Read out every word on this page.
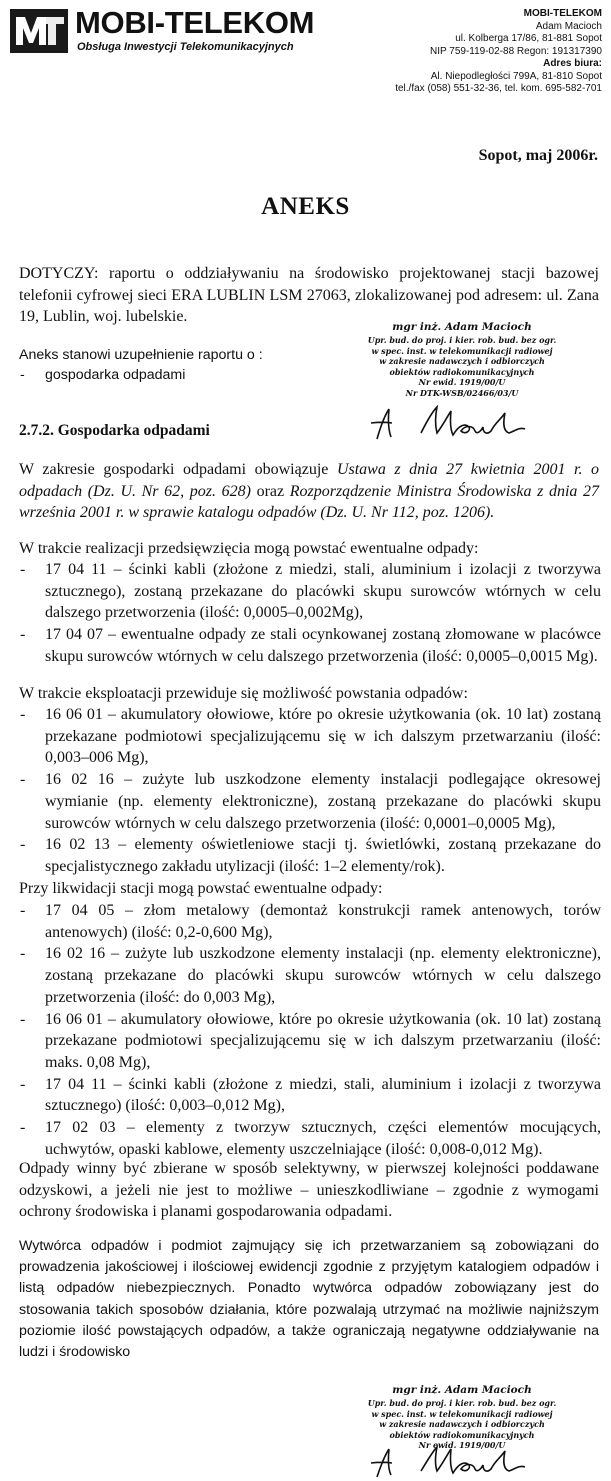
MOBI-TELEKOM
Obsługa Inwestycji Telekomunikacyjnych
MOBI-TELEKOM
Adam Macioch
ul. Kolberga 17/86, 81-881 Sopot
NIP 759-119-02-88 Regon: 191317390
Adres biura:
Al. Niepodległości 799A, 81-810 Sopot
tel./fax (058) 551-32-36, tel. kom. 695-582-701
Sopot, maj 2006r.
ANEKS
DOTYCZY: raportu o oddziaływaniu na środowisko projektowanej stacji bazowej telefonii cyfrowej sieci ERA LUBLIN LSM 27063, zlokalizowanej pod adresem: ul. Zana 19, Lublin, woj. lubelskie.
Aneks stanowi uzupełnienie raportu o :
- gospodarka odpadami
mgr inż. Adam Macioch
Upr. bud. do proj. i kier. rob. bud. bez ogr.
w spec. inst. w telekomunikacji radiowej
w zakresie nadawczych i odbiorczych
obiektów radiokomunikacyjnych
Nr ewid. 1919/00/U
Nr DTK-WSB/02466/03/U
2.7.2. Gospodarka odpadami
W zakresie gospodarki odpadami obowiązuje Ustawa z dnia 27 kwietnia 2001 r. o odpadach (Dz. U. Nr 62, poz. 628) oraz Rozporządzenie Ministra Środowiska z dnia 27 września 2001 r. w sprawie katalogu odpadów (Dz. U. Nr 112, poz. 1206).
W trakcie realizacji przedsięwzięcia mogą powstać ewentualne odpady:
- 17 04 11 – ścinki kabli (złożone z miedzi, stali, aluminium i izolacji z tworzywa sztucznego), zostaną przekazane do placówki skupu surowców wtórnych w celu dalszego przetworzenia (ilość: 0,0005–0,002Mg),
- 17 04 07 – ewentualne odpady ze stali ocynkowanej zostaną złomowane w placówce skupu surowców wtórnych w celu dalszego przetworzenia (ilość: 0,0005–0,0015 Mg).
W trakcie eksploatacji przewiduje się możliwość powstania odpadów:
- 16 06 01 – akumulatory ołowiowe, które po okresie użytkowania (ok. 10 lat) zostaną przekazane podmiotowi specjalizującemu się w ich dalszym przetwarzaniu (ilość: 0,003–006 Mg),
- 16 02 16 – zużyte lub uszkodzone elementy instalacji podlegające okresowej wymianie (np. elementy elektroniczne), zostaną przekazane do placówki skupu surowców wtórnych w celu dalszego przetworzenia (ilość: 0,0001–0,0005 Mg),
- 16 02 13 – elementy oświetleniowe stacji tj. świetlówki, zostaną przekazane do specjalistycznego zakładu utylizacji (ilość: 1–2 elementy/rok).
Przy likwidacji stacji mogą powstać ewentualne odpady:
- 17 04 05 – złom metalowy (demontaż konstrukcji ramek antenowych, torów antenowych) (ilość: 0,2-0,600 Mg),
- 16 02 16 – zużyte lub uszkodzone elementy instalacji (np. elementy elektroniczne), zostaną przekazane do placówki skupu surowców wtórnych w celu dalszego przetworzenia (ilość: do 0,003 Mg),
- 16 06 01 – akumulatory ołowiowe, które po okresie użytkowania (ok. 10 lat) zostaną przekazane podmiotowi specjalizującemu się w ich dalszym przetwarzaniu (ilość: maks. 0,08 Mg),
- 17 04 11 – ścinki kabli (złożone z miedzi, stali, aluminium i izolacji z tworzywa sztucznego) (ilość: 0,003–0,012 Mg),
- 17 02 03 – elementy z tworzyw sztucznych, części elementów mocujących, uchwytów, opaski kablowe, elementy uszczelniające (ilość: 0,008-0,012 Mg).
Odpady winny być zbierane w sposób selektywny, w pierwszej kolejności poddawane odzyskowi, a jeżeli nie jest to możliwe – unieszkodliwiane – zgodnie z wymogami ochrony środowiska i planami gospodarowania odpadami.
Wytwórca odpadów i podmiot zajmujący się ich przetwarzaniem są zobowiązani do prowadzenia jakościowej i ilościowej ewidencji zgodnie z przyjętym katalogiem odpadów i listą odpadów niebezpiecznych. Ponadto wytwórca odpadów zobowiązany jest do stosowania takich sposobów działania, które pozwalają utrzymać na możliwie najniższym poziomie ilość powstających odpadów, a także ograniczają negatywne oddziaływanie na ludzi i środowisko
mgr inż. Adam Macioch
Upr. bud. do proj. i kier. rob. bud. bez ogr.
w spec. inst. w telekomunikacji radiowej
w zakresie nadawczych i odbiorczych
obiektów radiokomunikacyjnych
Nr ewid. 1919/00/U
